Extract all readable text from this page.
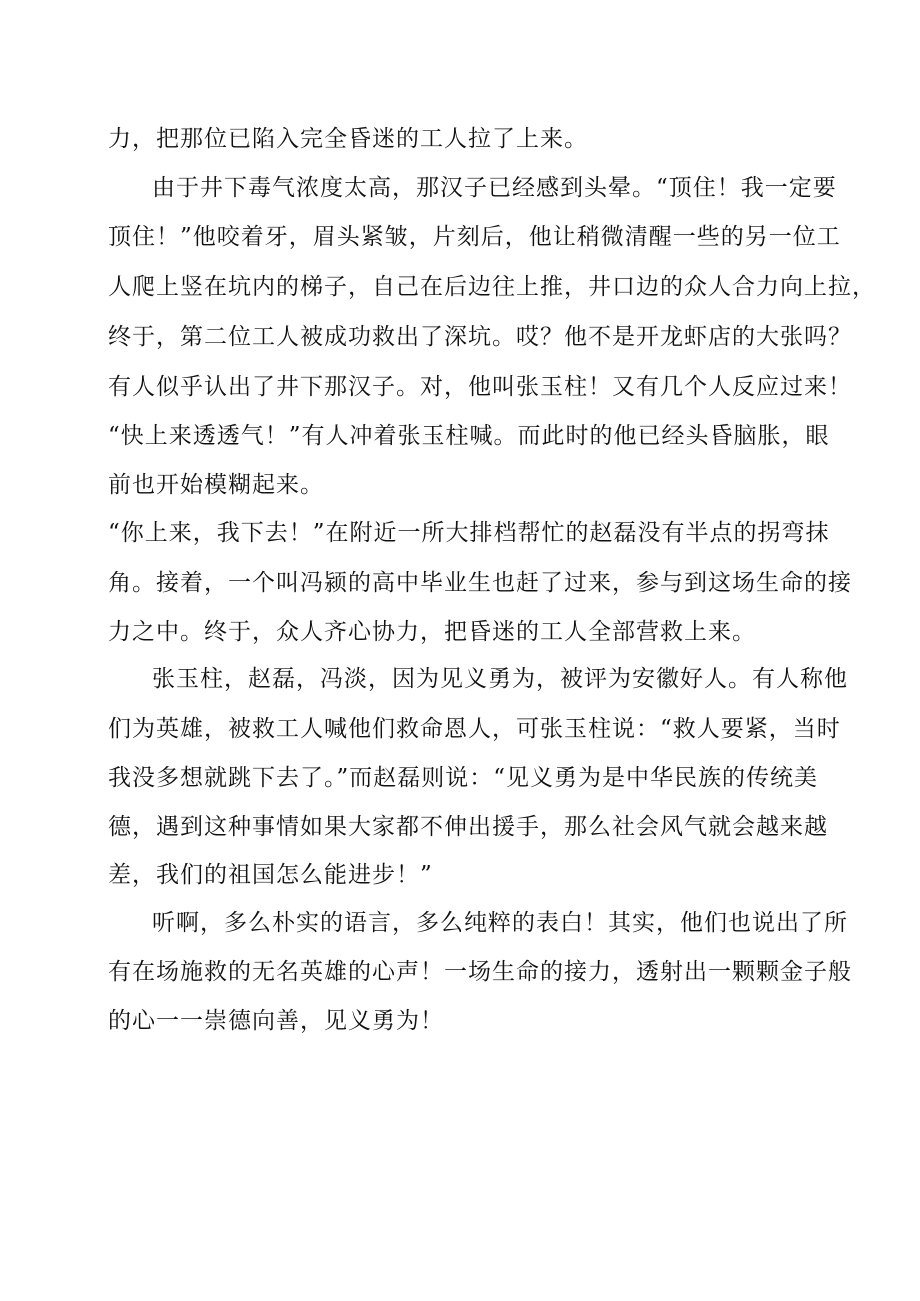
力，把那位已陷入完全昏迷的工人拉了上来。
由于井下毒气浓度太高，那汉子已经感到头晕。“顶住！我一定要
顶住！”他咬着牙，眉头紧皱，片刻后，他让稍微清醒一些的另一位工
人爬上竖在坑内的梯子，自己在后边往上推，井口边的众人合力向上拉，
终于，第二位工人被成功救出了深坑。哎？他不是开龙虾店的大张吗？
有人似乎认出了井下那汉子。对，他叫张玉柱！又有几个人反应过来！
“快上来透透气！”有人冲着张玉柱喊。而此时的他已经头昏脑胀，眼
前也开始模糊起来。
“你上来，我下去！”在附近一所大排档帮忙的赵磊没有半点的拐弯抹
角。接着，一个叫冯颍的高中毕业生也赶了过来，参与到这场生命的接
力之中。终于，众人齐心协力，把昏迷的工人全部营救上来。
张玉柱，赵磊，冯淡，因为见义勇为，被评为安徽好人。有人称他
们为英雄，被救工人喊他们救命恩人，可张玉柱说：“救人要紧，当时
我没多想就跳下去了。”而赵磊则说：“见义勇为是中华民族的传统美
德，遇到这种事情如果大家都不伸出援手，那么社会风气就会越来越
差，我们的祖国怎么能进步！”
听啊，多么朴实的语言，多么纯粹的表白！其实，他们也说出了所
有在场施救的无名英雄的心声！一场生命的接力，透射出一颗颗金子般
的心一一崇德向善，见义勇为！
